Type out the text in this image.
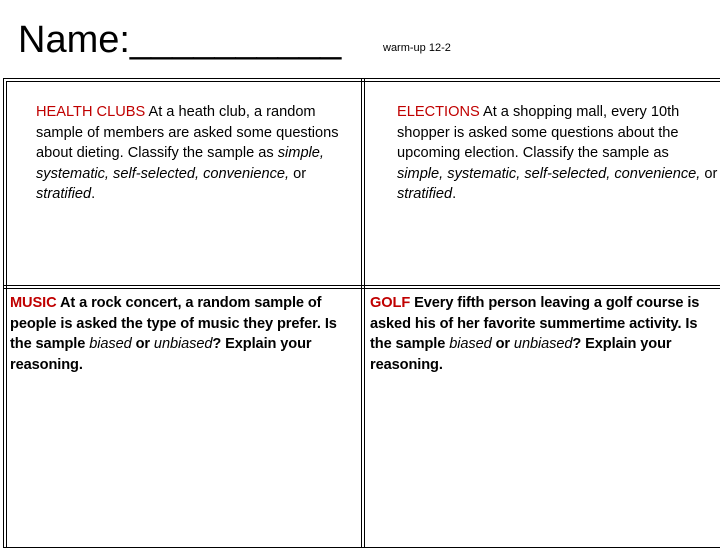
Name:__________	warm-up 12-2
HEALTH CLUBS At a heath club, a random sample of members are asked some questions about dieting. Classify the sample as simple, systematic, self-selected, convenience, or stratified.
ELECTIONS At a shopping mall, every 10th shopper is asked some questions about the upcoming election. Classify the sample as simple, systematic, self-selected, convenience, or stratified.
MUSIC At a rock concert, a random sample of people is asked the type of music they prefer. Is the sample biased or unbiased? Explain your reasoning.
GOLF Every fifth person leaving a golf course is asked his of her favorite summertime activity. Is the sample biased or unbiased? Explain your reasoning.
